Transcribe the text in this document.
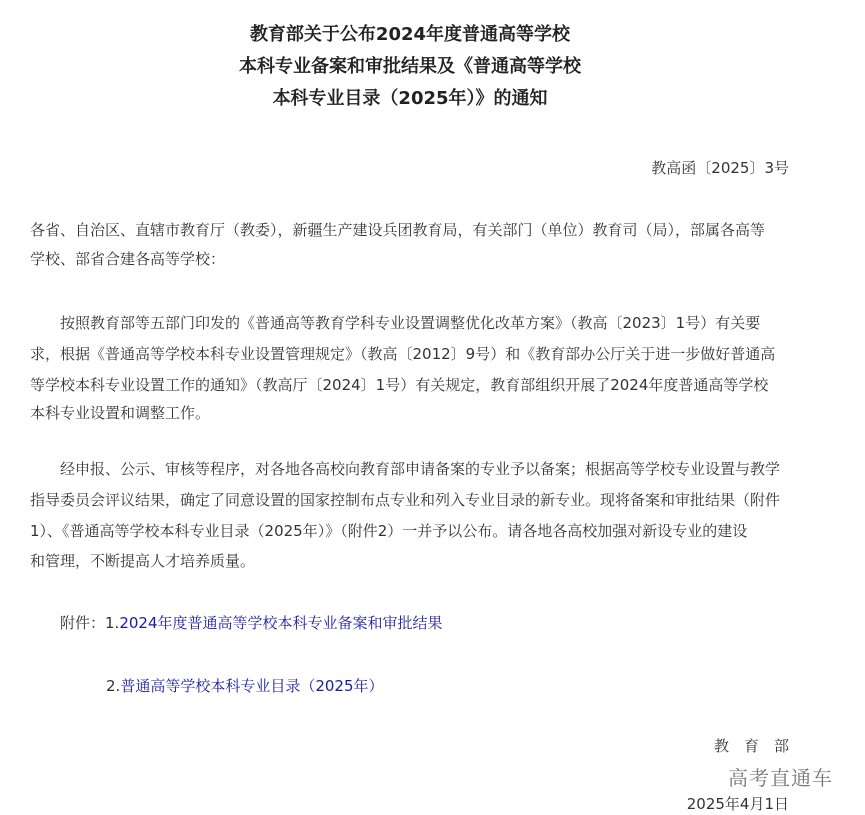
教育部关于公布2024年度普通高等学校
本科专业备案和审批结果及《普通高等学校
本科专业目录（2025年）》的通知
教高函〔2025〕3号
各省、自治区、直辖市教育厅（教委），新疆生产建设兵团教育局，有关部门（单位）教育司（局），部属各高等
学校、部省合建各高等学校：
按照教育部等五部门印发的《普通高等教育学科专业设置调整优化改革方案》（教高〔2023〕1号）有关要
求，根据《普通高等学校本科专业设置管理规定》（教高〔2012〕9号）和《教育部办公厅关于进一步做好普通高
等学校本科专业设置工作的通知》（教高厅〔2024〕1号）有关规定，教育部组织开展了2024年度普通高等学校
本科专业设置和调整工作。
经申报、公示、审核等程序，对各地各高校向教育部申请备案的专业予以备案；根据高等学校专业设置与教学
指导委员会评议结果，确定了同意设置的国家控制布点专业和列入专业目录的新专业。现将备案和审批结果（附件
1）、《普通高等学校本科专业目录（2025年）》（附件2）一并予以公布。请各地各高校加强对新设专业的建设
和管理，不断提高人才培养质量。
附件：1.2024年度普通高等学校本科专业备案和审批结果
2.普通高等学校本科专业目录（2025年）
教　育　部
高考直通车
2025年4月1日
